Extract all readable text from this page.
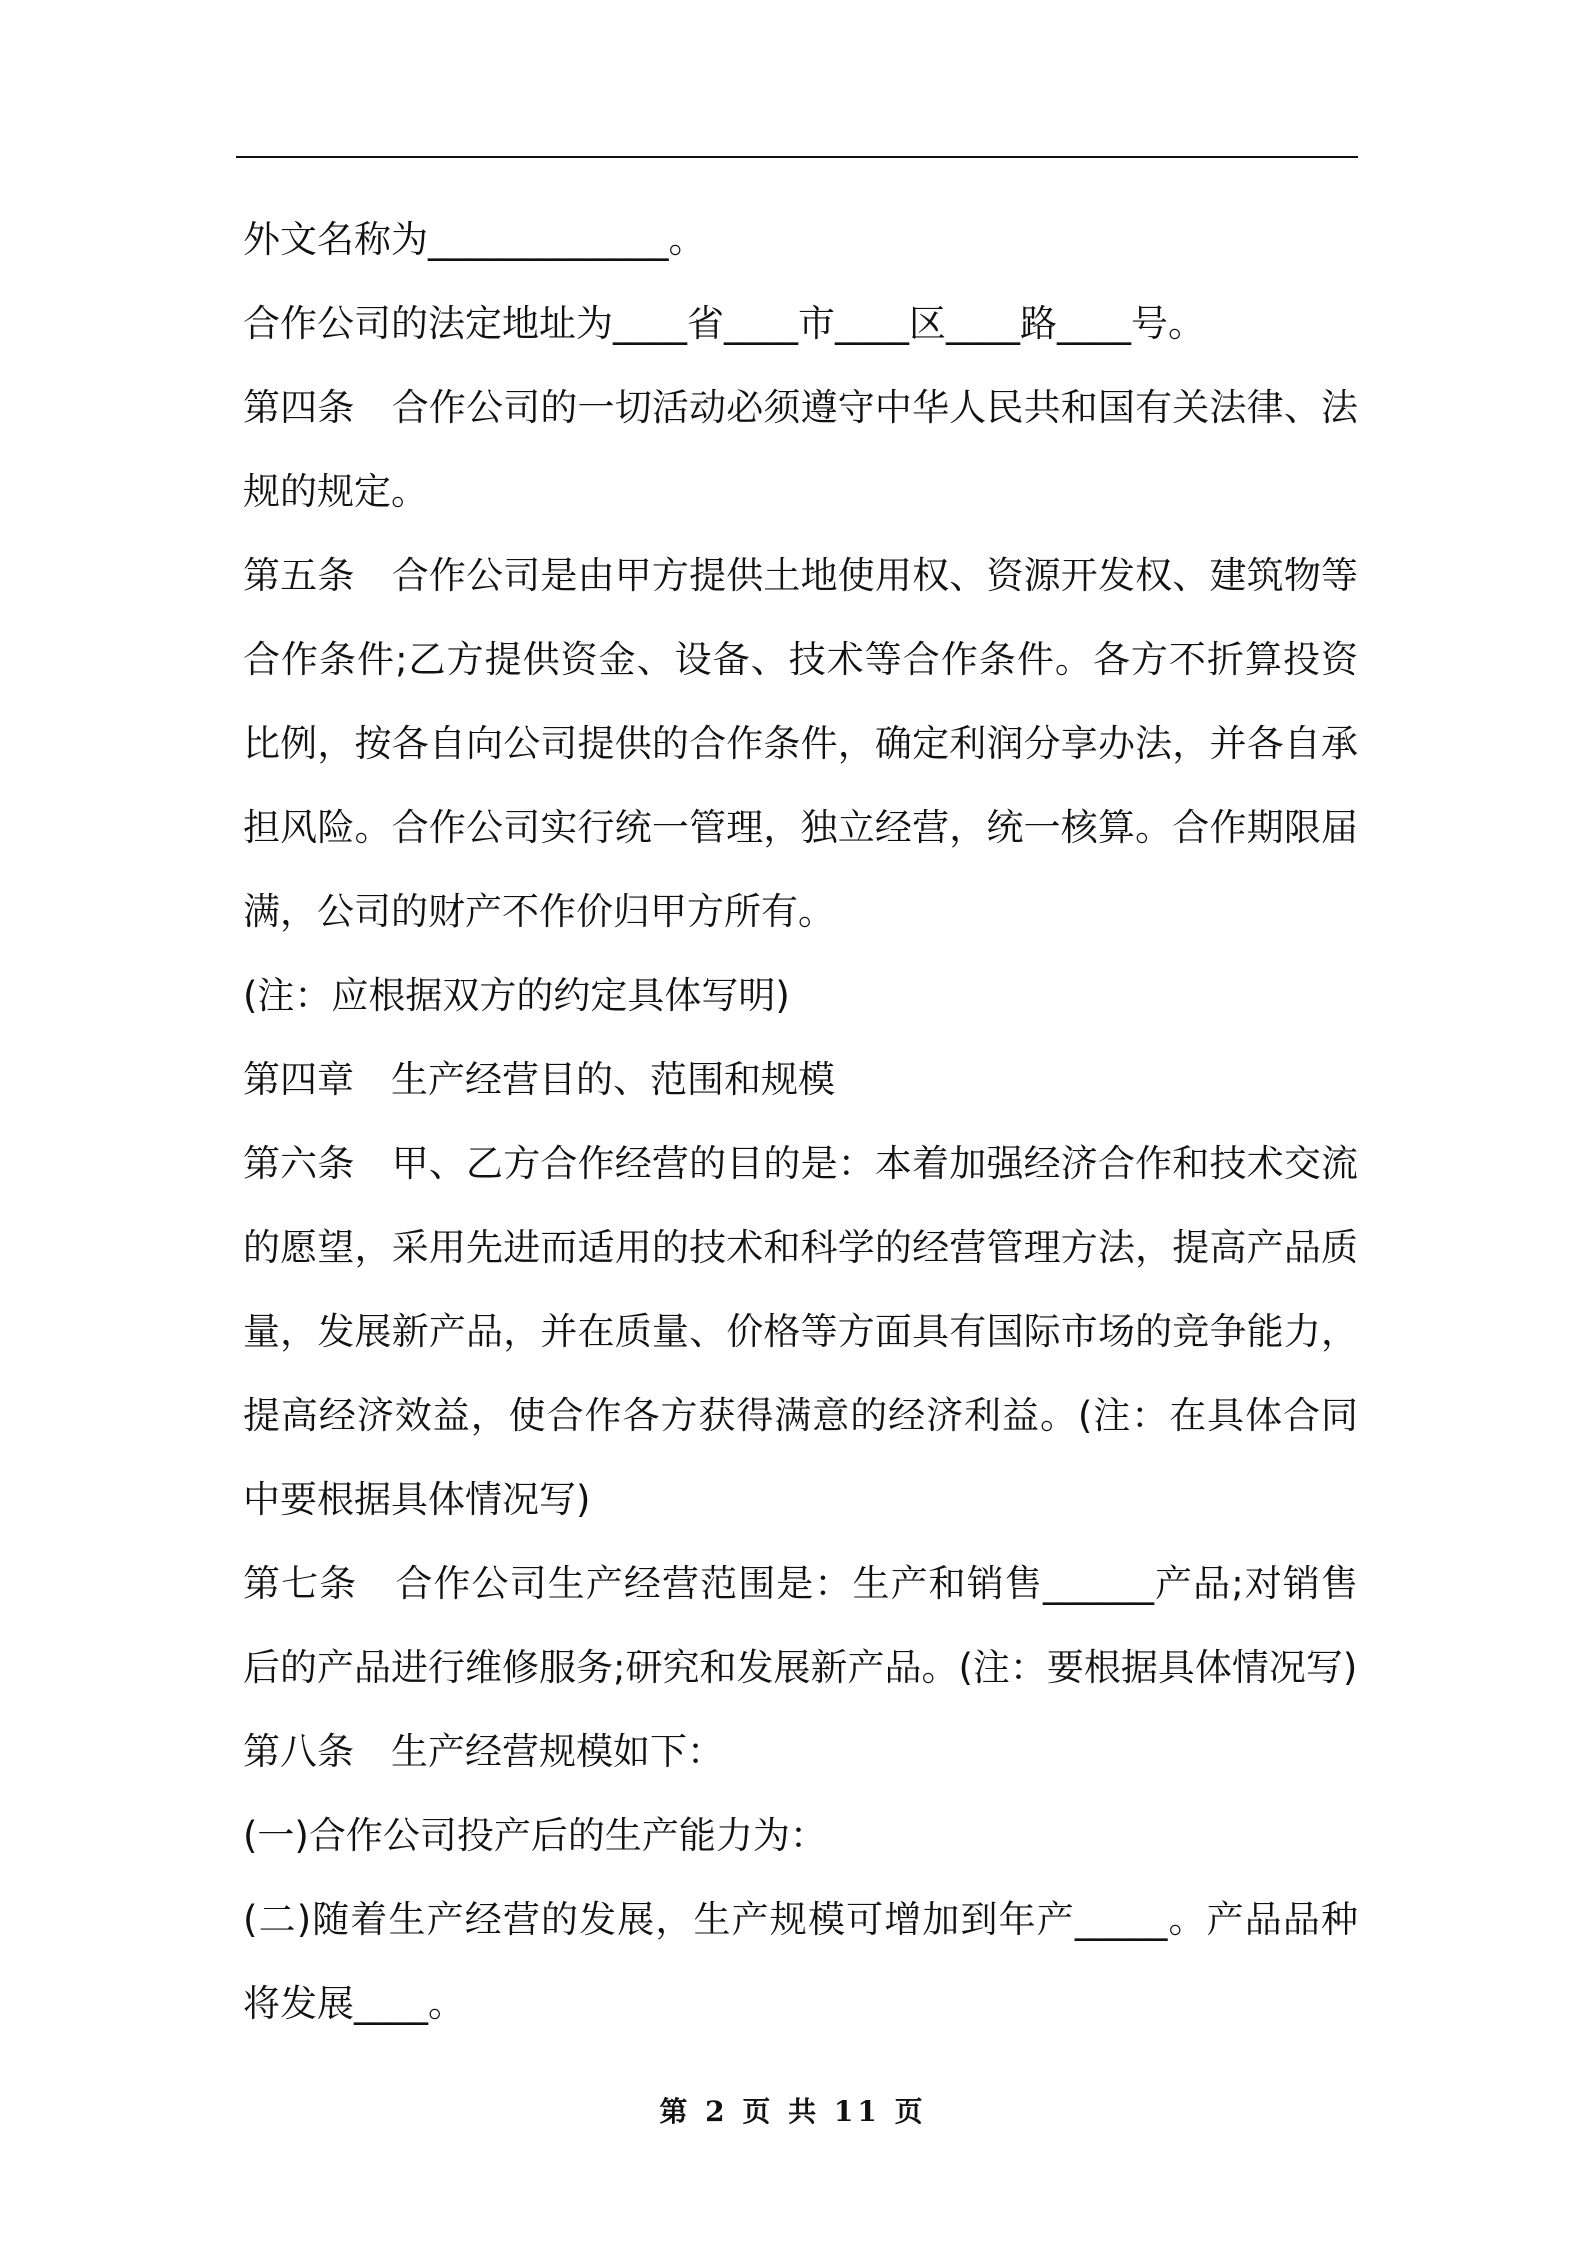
外文名称为_____________。

合作公司的法定地址为____省____市____区____路____号。

第四条　合作公司的一切活动必须遵守中华人民共和国有关法律、法规的规定。

第五条　合作公司是由甲方提供土地使用权、资源开发权、建筑物等合作条件;乙方提供资金、设备、技术等合作条件。各方不折算投资比例，按各自向公司提供的合作条件，确定利润分享办法，并各自承担风险。合作公司实行统一管理，独立经营，统一核算。合作期限届满，公司的财产不作价归甲方所有。

(注：应根据双方的约定具体写明)

第四章　生产经营目的、范围和规模

第六条　甲、乙方合作经营的目的是：本着加强经济合作和技术交流的愿望，采用先进而适用的技术和科学的经营管理方法，提高产品质量，发展新产品，并在质量、价格等方面具有国际市场的竞争能力，提高经济效益，使合作各方获得满意的经济利益。(注：在具体合同中要根据具体情况写)

第七条　合作公司生产经营范围是：生产和销售______产品;对销售后的产品进行维修服务;研究和发展新产品。(注：要根据具体情况写)

第八条　生产经营规模如下：

(一)合作公司投产后的生产能力为：

(二)随着生产经营的发展，生产规模可增加到年产_____。产品品种将发展____。

第 2 页 共 11 页
